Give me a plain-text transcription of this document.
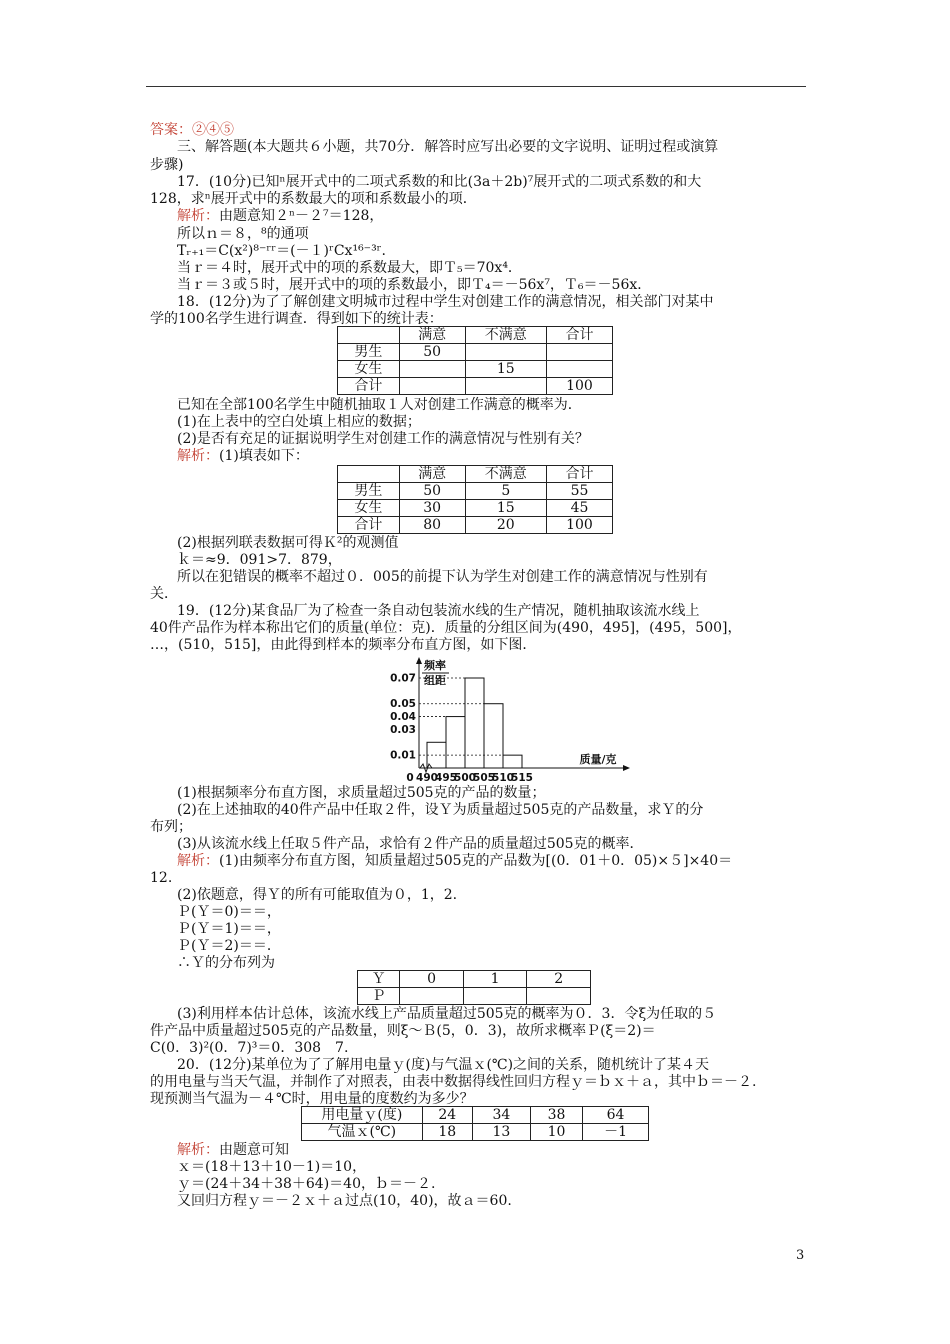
答案：②④⑤
三、解答题(本大题共６小题，共70分．解答时应写出必要的文字说明、证明过程或演算
步骤)
17．(10分)已知ⁿ展开式中的二项式系数的和比(3a＋2b)⁷展开式的二项式系数的和大
128，求ⁿ展开式中的系数最大的项和系数最小的项．
解析：由题意知２ⁿ－２⁷＝128，
所以ｎ＝８，⁸的通项
Tᵣ₊₁＝C(x²)⁸⁻ʳʳ＝(－１)ʳCx¹⁶⁻³ʳ.
当ｒ＝４时，展开式中的项的系数最大，即Ｔ₅＝70x⁴．
当ｒ＝３或５时，展开式中的项的系数最小，即Ｔ₄＝－56x⁷，Ｔ₆＝－56x．
18．(12分)为了了解创建文明城市过程中学生对创建工作的满意情况，相关部门对某中
学的100名学生进行调查．得到如下的统计表：
	满意	不满意	合计
男生	50		
女生		15	
合计			100
已知在全部100名学生中随机抽取１人对创建工作满意的概率为．
(1)在上表中的空白处填上相应的数据；
(2)是否有充足的证据说明学生对创建工作的满意情况与性别有关？
解析：(1)填表如下：
	满意	不满意	合计
男生	50	5	55
女生	30	15	45
合计	80	20	100
(2)根据列联表数据可得Ｋ²的观测值
ｋ＝≈9．091>7．879，
所以在犯错误的概率不超过０．005的前提下认为学生对创建工作的满意情况与性别有
关．
19．(12分)某食品厂为了检查一条自动包装流水线的生产情况，随机抽取该流水线上
40件产品作为样本称出它们的质量(单位：克)．质量的分组区间为(490，495]，(495，500]，
…，(510，515]，由此得到样本的频率分布直方图，如下图．
0.07
0.05
0.04
0.03
0.01
490
495
500
505
510
515
0
频率
组距
质量/克
(1)根据频率分布直方图，求质量超过505克的产品的数量；
(2)在上述抽取的40件产品中任取２件，设Ｙ为质量超过505克的产品数量，求Ｙ的分
布列；
(3)从该流水线上任取５件产品，求恰有２件产品的质量超过505克的概率．
解析：(1)由频率分布直方图，知质量超过505克的产品数为[(0．01＋0．05)×５]×40＝
12.
(2)依题意，得Ｙ的所有可能取值为０，1，2.
Ｐ(Ｙ＝0)＝＝，
Ｐ(Ｙ＝1)＝＝，
Ｐ(Ｙ＝2)＝＝．
∴Ｙ的分布列为
Ｙ	0	1	2
Ｐ			
(3)利用样本估计总体，该流水线上产品质量超过505克的概率为０．3．令ξ为任取的５
件产品中质量超过505克的产品数量，则ξ～Ｂ(5，0．3)，故所求概率Ｐ(ξ＝2)＝
C(0．3)²(0．7)³＝0．308　7.
20．(12分)某单位为了了解用电量ｙ(度)与气温ｘ(℃)之间的关系，随机统计了某４天
的用电量与当天气温，并制作了对照表，由表中数据得线性回归方程ｙ＝ｂｘ＋ａ，其中ｂ＝－２.
现预测当气温为－４℃时，用电量的度数约为多少？
用电量ｙ(度)	24	34	38	64
气温ｘ(℃)	18	13	10	－1
解析：由题意可知
ｘ＝(18＋13＋10－1)＝10，
ｙ＝(24＋34＋38＋64)＝40，ｂ＝－２.
又回归方程ｙ＝－２ｘ＋ａ过点(10，40)，故ａ＝60.
3
